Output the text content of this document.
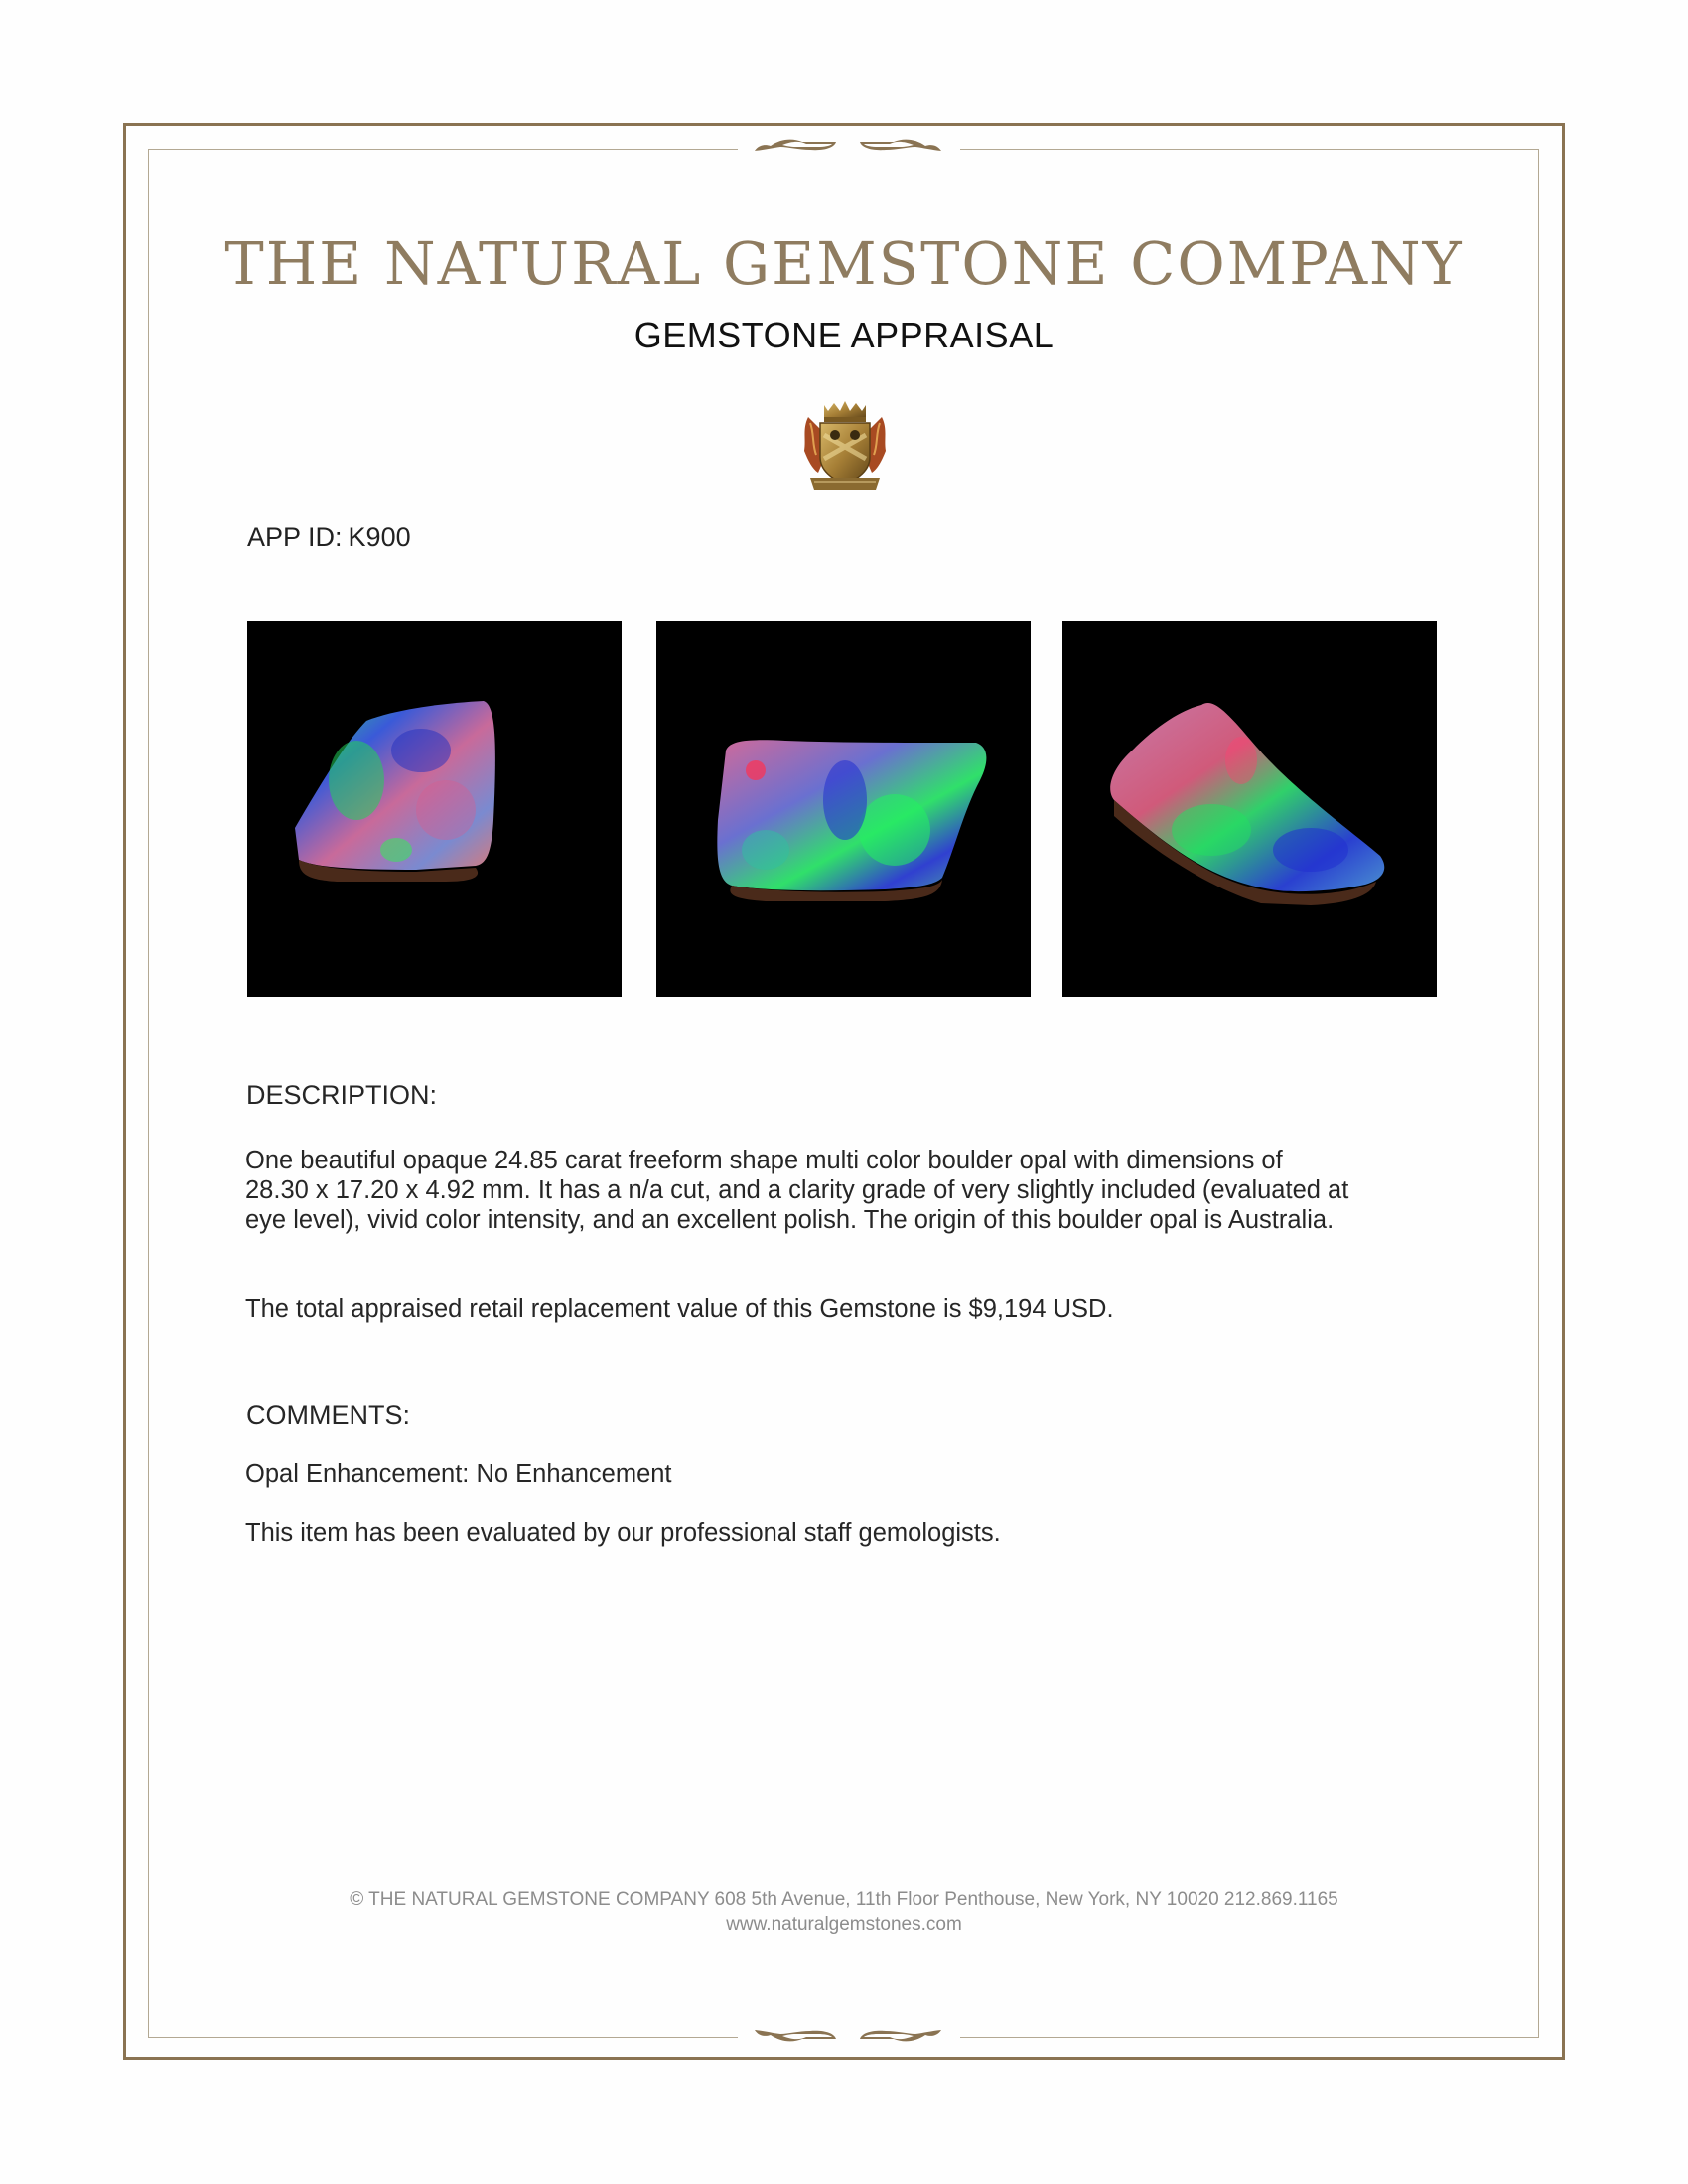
THE NATURAL GEMSTONE COMPANY
GEMSTONE APPRAISAL
APP ID: K900
DESCRIPTION:
One beautiful opaque 24.85 carat freeform shape multi color boulder opal with dimensions of
28.30 x 17.20 x 4.92 mm. It has a n/a cut, and a clarity grade of very slightly included (evaluated at
eye level), vivid color intensity, and an excellent polish. The origin of this boulder opal is Australia.
The total appraised retail replacement value of this Gemstone is $9,194 USD.
COMMENTS:
Opal Enhancement: No Enhancement
This item has been evaluated by our professional staff gemologists.
© THE NATURAL GEMSTONE COMPANY 608 5th Avenue, 11th Floor Penthouse, New York, NY 10020 212.869.1165
www.naturalgemstones.com
